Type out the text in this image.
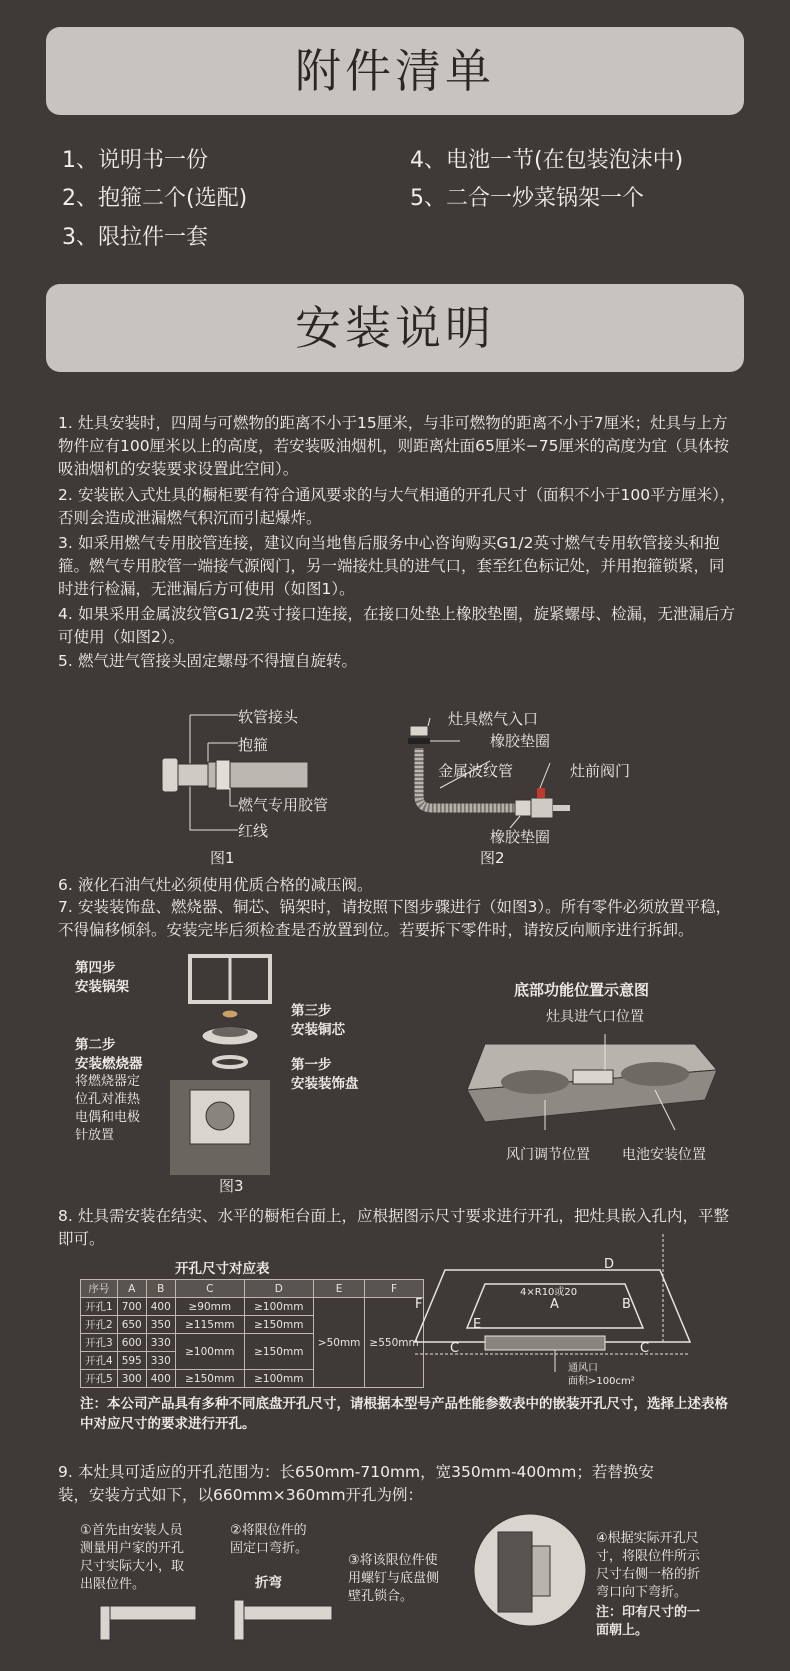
附件清单
1、说明书一份
2、抱箍二个(选配)
3、限拉件一套
4、电池一节(在包装泡沫中)
5、二合一炒菜锅架一个
安装说明
1. 灶具安装时，四周与可燃物的距离不小于15厘米，与非可燃物的距离不小于7厘米；灶具与上方物件应有100厘米以上的高度，若安装吸油烟机，则距离灶面65厘米−75厘米的高度为宜（具体按吸油烟机的安装要求设置此空间）。
2. 安装嵌入式灶具的橱柜要有符合通风要求的与大气相通的开孔尺寸（面积不小于100平方厘米），否则会造成泄漏燃气积沉而引起爆炸。
3. 如采用燃气专用胶管连接，建议向当地售后服务中心咨询购买G1/2英寸燃气专用软管接头和抱箍。燃气专用胶管一端接气源阀门，另一端接灶具的进气口，套至红色标记处，并用抱箍锁紧，同时进行检漏，无泄漏后方可使用（如图1）。
4. 如果采用金属波纹管G1/2英寸接口连接，在接口处垫上橡胶垫圈，旋紧螺母、检漏，无泄漏后方可使用（如图2）。
5. 燃气进气管接头固定螺母不得擅自旋转。
软管接头
抱箍
燃气专用胶管
红线
图1
灶具燃气入口
橡胶垫圈
金属波纹管	灶前阀门
橡胶垫圈
图2
6. 液化石油气灶必须使用优质合格的减压阀。
7. 安装装饰盘、燃烧器、铜芯、锅架时，请按照下图步骤进行（如图3）。所有零件必须放置平稳，不得偏移倾斜。安装完毕后须检查是否放置到位。若要拆下零件时，请按反向顺序进行拆卸。
第四步
安装锅架
第三步
安装铜芯
第二步
安装燃烧器
将燃烧器定
位孔对准热
电偶和电极
针放置
第一步
安装装饰盘
图3
底部功能位置示意图
灶具进气口位置
风门调节位置 电池安装位置
8. 灶具需安装在结实、水平的橱柜台面上，应根据图示尺寸要求进行开孔，把灶具嵌入孔内，平整即可。
开孔尺寸对应表
序号	A	B	C	D	E	F
开孔1	700	400	≥90mm	≥100mm	>50mm	≥550mm
开孔2	650	350	≥115mm	≥150mm		
开孔3	600	330	≥100mm	≥150mm		
开孔4	595	330				
开孔5	300	400	≥150mm	≥100mm		
F
D
B
A
E
C	C
4×R10或20
通风口
面积>100cm²
注：本公司产品具有多种不同底盘开孔尺寸，请根据本型号产品性能参数表中的嵌装开孔尺寸，选择上述表格中对应尺寸的要求进行开孔。
9. 本灶具可适应的开孔范围为：长650mm-710mm，宽350mm-400mm；若替换安装，安装方式如下，以660mm×360mm开孔为例：
①首先由安装人员
测量用户家的开孔
尺寸实际大小，取
出限位件。
②将限位件的
固定口弯折。
折弯
③将该限位件使
用螺钉与底盘侧
壁孔锁合。
④根据实际开孔尺
寸，将限位件所示
尺寸右侧一格的折
弯口向下弯折。
注：印有尺寸的一
面朝上。
